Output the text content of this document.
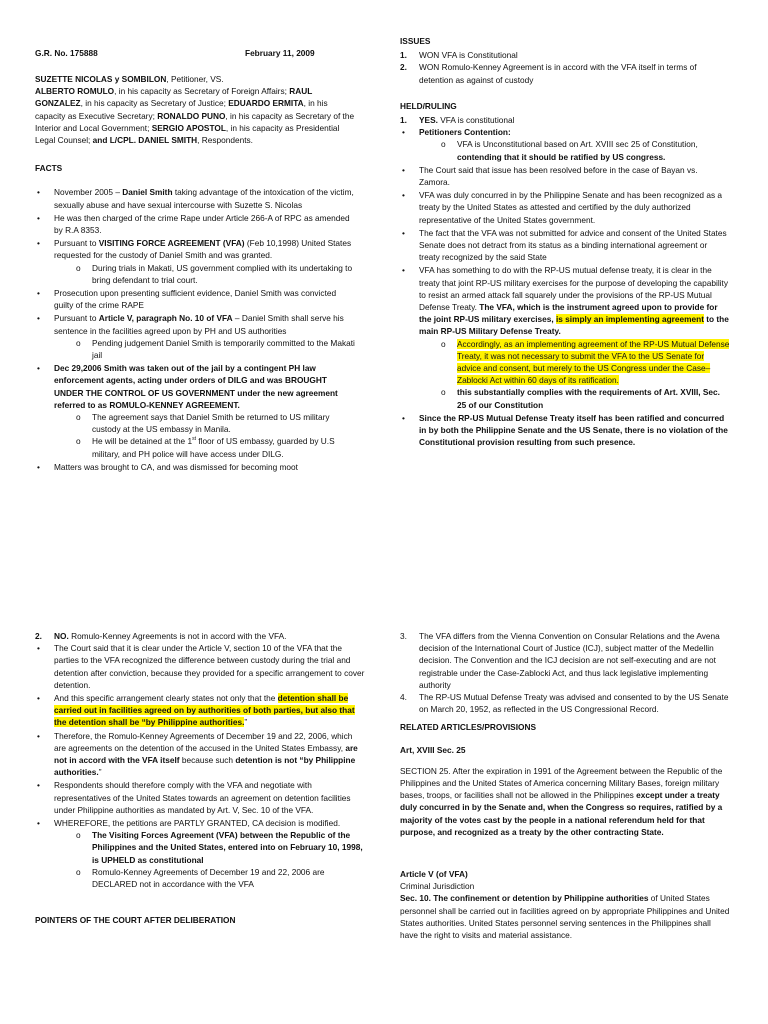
G.R. No. 175888	February 11, 2009

SUZETTE NICOLAS y SOMBILON, Petitioner, VS.
ALBERTO ROMULO, in his capacity as Secretary of Foreign Affairs; RAUL GONZALEZ, in his capacity as Secretary of Justice; EDUARDO ERMITA, in his capacity as Executive Secretary; RONALDO PUNO, in his capacity as Secretary of the Interior and Local Government; SERGIO APOSTOL, in his capacity as Presidential Legal Counsel; and L/CPL. DANIEL SMITH, Respondents.

FACTS

• November 2005 – Daniel Smith taking advantage of the intoxication of the victim, sexually abuse and have sexual intercourse with Suzette S. Nicolas
• He was then charged of the crime Rape under Article 266-A of RPC as amended by R.A 8353.
• Pursuant to VISITING FORCE AGREEMENT (VFA) (Feb 10,1998) United States requested for the custody of Daniel Smith and was granted.
o During trials in Makati, US government complied with its undertaking to bring defendant to trial court.
• Prosecution upon presenting sufficient evidence, Daniel Smith was convicted guilty of the crime RAPE
• Pursuant to Article V, paragraph No. 10 of VFA – Daniel Smith shall serve his sentence in the facilities agreed upon by PH and US authorities
o Pending judgement Daniel Smith is temporarily committed to the Makati jail
• Dec 29,2006 Smith was taken out of the jail by a contingent PH law enforcement agents, acting under orders of DILG and was BROUGHT UNDER THE CONTROL OF US GOVERNMENT under the new agreement referred to as ROMULO-KENNEY AGREEMENT.
o The agreement says that Daniel Smith be returned to US military custody at the US embassy in Manila.
o He will be detained at the 1st floor of US embassy, guarded by U.S military, and PH police will have access under DILG.
• Matters was brought to CA, and was dismissed for becoming moot

ISSUES

1. WON VFA is Constitutional
2. WON Romulo-Kenney Agreement is in accord with the VFA itself in terms of detention as against of custody

HELD/RULING

1. YES. VFA is constitutional
• Petitioners Contention:
o VFA is Unconstitutional based on Art. XVIII sec 25 of Constitution, contending that it should be ratified by US congress.
• The Court said that issue has been resolved before in the case of Bayan vs. Zamora.
• VFA was duly concurred in by the Philippine Senate and has been recognized as a treaty by the United States as attested and certified by the duly authorized representative of the United States government.
• The fact that the VFA was not submitted for advice and consent of the United States Senate does not detract from its status as a binding international agreement or treaty recognized by the said State
• VFA has something to do with the RP-US mutual defense treaty, it is clear in the treaty that joint RP-US military exercises for the purpose of developing the capability to resist an armed attack fall squarely under the provisions of the RP-US Mutual Defense Treaty. The VFA, which is the instrument agreed upon to provide for the joint RP-US military exercises, is simply an implementing agreement to the main RP-US Military Defense Treaty.
o Accordingly, as an implementing agreement of the RP-US Mutual Defense Treaty, it was not necessary to submit the VFA to the US Senate for advice and consent, but merely to the US Congress under the Case–Zablocki Act within 60 days of its ratification.
o this substantially complies with the requirements of Art. XVIII, Sec. 25 of our Constitution
• Since the RP-US Mutual Defense Treaty itself has been ratified and concurred in by both the Philippine Senate and the US Senate, there is no violation of the Constitutional provision resulting from such presence.
2. NO. Romulo-Kenney Agreements is not in accord with the VFA.
• The Court said that it is clear under the Article V, section 10 of the VFA that the parties to the VFA recognized the difference between custody during the trial and detention after conviction, because they provided for a specific arrangement to cover detention.
• And this specific arrangement clearly states not only that the detention shall be carried out in facilities agreed on by authorities of both parties, but also that the detention shall be “by Philippine authorities.”
• Therefore, the Romulo-Kenney Agreements of December 19 and 22, 2006, which are agreements on the detention of the accused in the United States Embassy, are not in accord with the VFA itself because such detention is not “by Philippine authorities.”
• Respondents should therefore comply with the VFA and negotiate with representatives of the United States towards an agreement on detention facilities under Philippine authorities as mandated by Art. V, Sec. 10 of the VFA.
• WHEREFORE, the petitions are PARTLY GRANTED, CA decision is modified.
o The Visiting Forces Agreement (VFA) between the Republic of the Philippines and the United States, entered into on February 10, 1998, is UPHELD as constitutional
o Romulo-Kenney Agreements of December 19 and 22, 2006 are DECLARED not in accordance with the VFA

POINTERS OF THE COURT AFTER DELIBERATION

3. The VFA differs from the Vienna Convention on Consular Relations and the Avena decision of the International Court of Justice (ICJ), subject matter of the Medellin decision. The Convention and the ICJ decision are not self-executing and are not registrable under the Case-Zablocki Act, and thus lack legislative implementing authority
4. The RP-US Mutual Defense Treaty was advised and consented to by the US Senate on March 20, 1952, as reflected in the US Congressional Record.

RELATED ARTICLES/PROVISIONS

Art, XVIII Sec. 25

SECTION 25. After the expiration in 1991 of the Agreement between the Republic of the Philippines and the United States of America concerning Military Bases, foreign military bases, troops, or facilities shall not be allowed in the Philippines except under a treaty duly concurred in by the Senate and, when the Congress so requires, ratified by a majority of the votes cast by the people in a national referendum held for that purpose, and recognized as a treaty by the other contracting State.

Article V (of VFA)

Criminal Jurisdiction

Sec. 10. The confinement or detention by Philippine authorities of United States personnel shall be carried out in facilities agreed on by appropriate Philippines and United States authorities. United States personnel serving sentences in the Philippines shall have the right to visits and material assistance.
